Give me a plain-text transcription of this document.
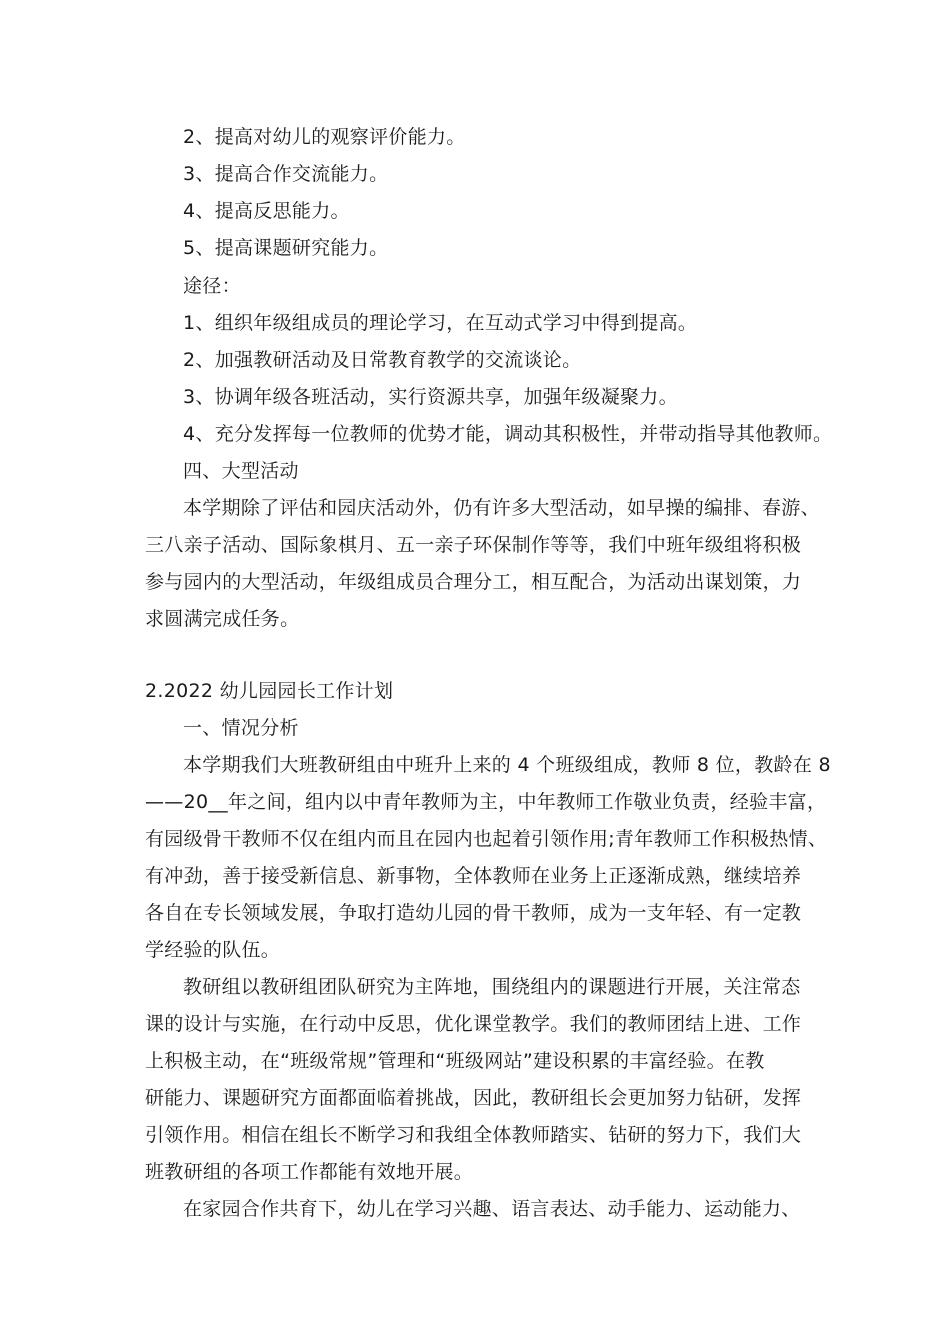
2、提高对幼儿的观察评价能力。
3、提高合作交流能力。
4、提高反思能力。
5、提高课题研究能力。
途径：
1、组织年级组成员的理论学习，在互动式学习中得到提高。
2、加强教研活动及日常教育教学的交流谈论。
3、协调年级各班活动，实行资源共享，加强年级凝聚力。
4、充分发挥每一位教师的优势才能，调动其积极性，并带动指导其他教师。
四、大型活动
本学期除了评估和园庆活动外，仍有许多大型活动，如早操的编排、春游、
三八亲子活动、国际象棋月、五一亲子环保制作等等，我们中班年级组将积极
参与园内的大型活动，年级组成员合理分工，相互配合，为活动出谋划策，力
求圆满完成任务。
2.2022 幼儿园园长工作计划
一、情况分析
本学期我们大班教研组由中班升上来的 4 个班级组成，教师 8 位，教龄在 8
——20__年之间，组内以中青年教师为主，中年教师工作敬业负责，经验丰富，
有园级骨干教师不仅在组内而且在园内也起着引领作用;青年教师工作积极热情、
有冲劲，善于接受新信息、新事物，全体教师在业务上正逐渐成熟，继续培养
各自在专长领域发展，争取打造幼儿园的骨干教师，成为一支年轻、有一定教
学经验的队伍。
教研组以教研组团队研究为主阵地，围绕组内的课题进行开展，关注常态
课的设计与实施，在行动中反思，优化课堂教学。我们的教师团结上进、工作
上积极主动，在“班级常规”管理和“班级网站”建设积累的丰富经验。在教
研能力、课题研究方面都面临着挑战，因此，教研组长会更加努力钻研，发挥
引领作用。相信在组长不断学习和我组全体教师踏实、钻研的努力下，我们大
班教研组的各项工作都能有效地开展。
在家园合作共育下，幼儿在学习兴趣、语言表达、动手能力、运动能力、
